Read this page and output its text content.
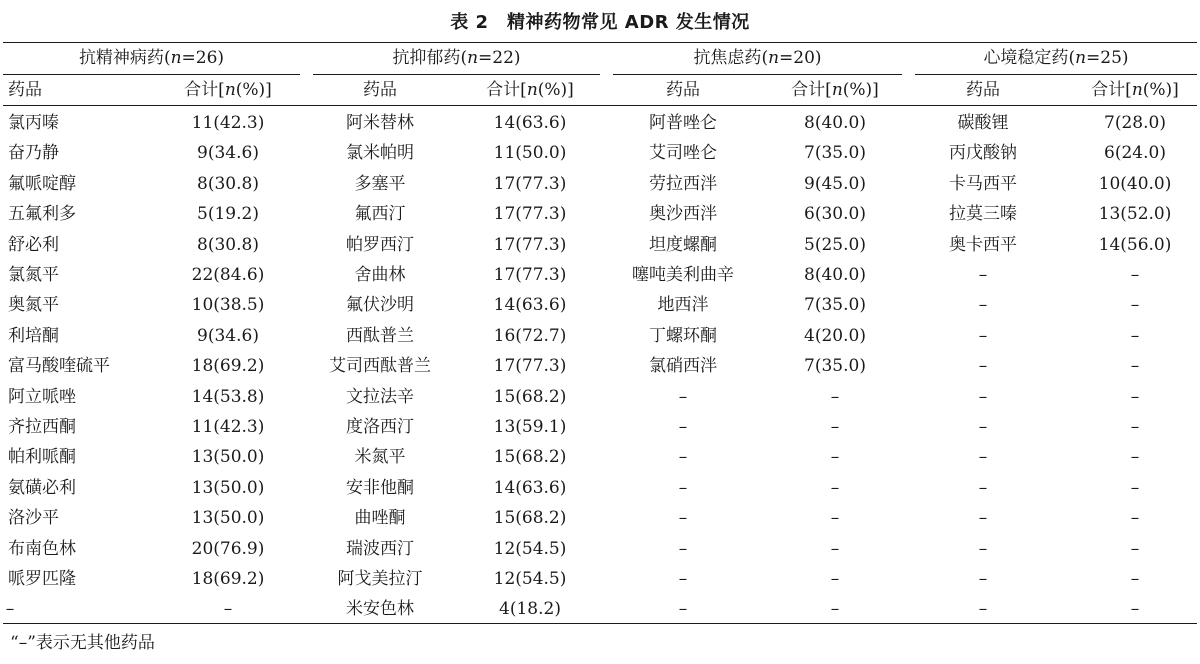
表 2　精神药物常见 ADR 发生情况
抗精神病药(n=26)	抗抑郁药(n=22)	抗焦虑药(n=20)	心境稳定药(n=25)
药品	合计[n(%)]	药品	合计[n(%)]	药品	合计[n(%)]	药品	合计[n(%)]
氯丙嗪	11(42.3)	阿米替林	14(63.6)	阿普唑仑	8(40.0)	碳酸锂	7(28.0)
奋乃静	9(34.6)	氯米帕明	11(50.0)	艾司唑仑	7(35.0)	丙戊酸钠	6(24.0)
氟哌啶醇	8(30.8)	多塞平	17(77.3)	劳拉西泮	9(45.0)	卡马西平	10(40.0)
五氟利多	5(19.2)	氟西汀	17(77.3)	奥沙西泮	6(30.0)	拉莫三嗪	13(52.0)
舒必利	8(30.8)	帕罗西汀	17(77.3)	坦度螺酮	5(25.0)	奥卡西平	14(56.0)
氯氮平	22(84.6)	舍曲林	17(77.3)	噻吨美利曲辛	8(40.0)	–	–
奥氮平	10(38.5)	氟伏沙明	14(63.6)	地西泮	7(35.0)	–	–
利培酮	9(34.6)	西酞普兰	16(72.7)	丁螺环酮	4(20.0)	–	–
富马酸喹硫平	18(69.2)	艾司西酞普兰	17(77.3)	氯硝西泮	7(35.0)	–	–
阿立哌唑	14(53.8)	文拉法辛	15(68.2)	–	–	–	–
齐拉西酮	11(42.3)	度洛西汀	13(59.1)	–	–	–	–
帕利哌酮	13(50.0)	米氮平	15(68.2)	–	–	–	–
氨磺必利	13(50.0)	安非他酮	14(63.6)	–	–	–	–
洛沙平	13(50.0)	曲唑酮	15(68.2)	–	–	–	–
布南色林	20(76.9)	瑞波西汀	12(54.5)	–	–	–	–
哌罗匹隆	18(69.2)	阿戈美拉汀	12(54.5)	–	–	–	–
–	–	米安色林	4(18.2)	–	–	–	–
“–”表示无其他药品
